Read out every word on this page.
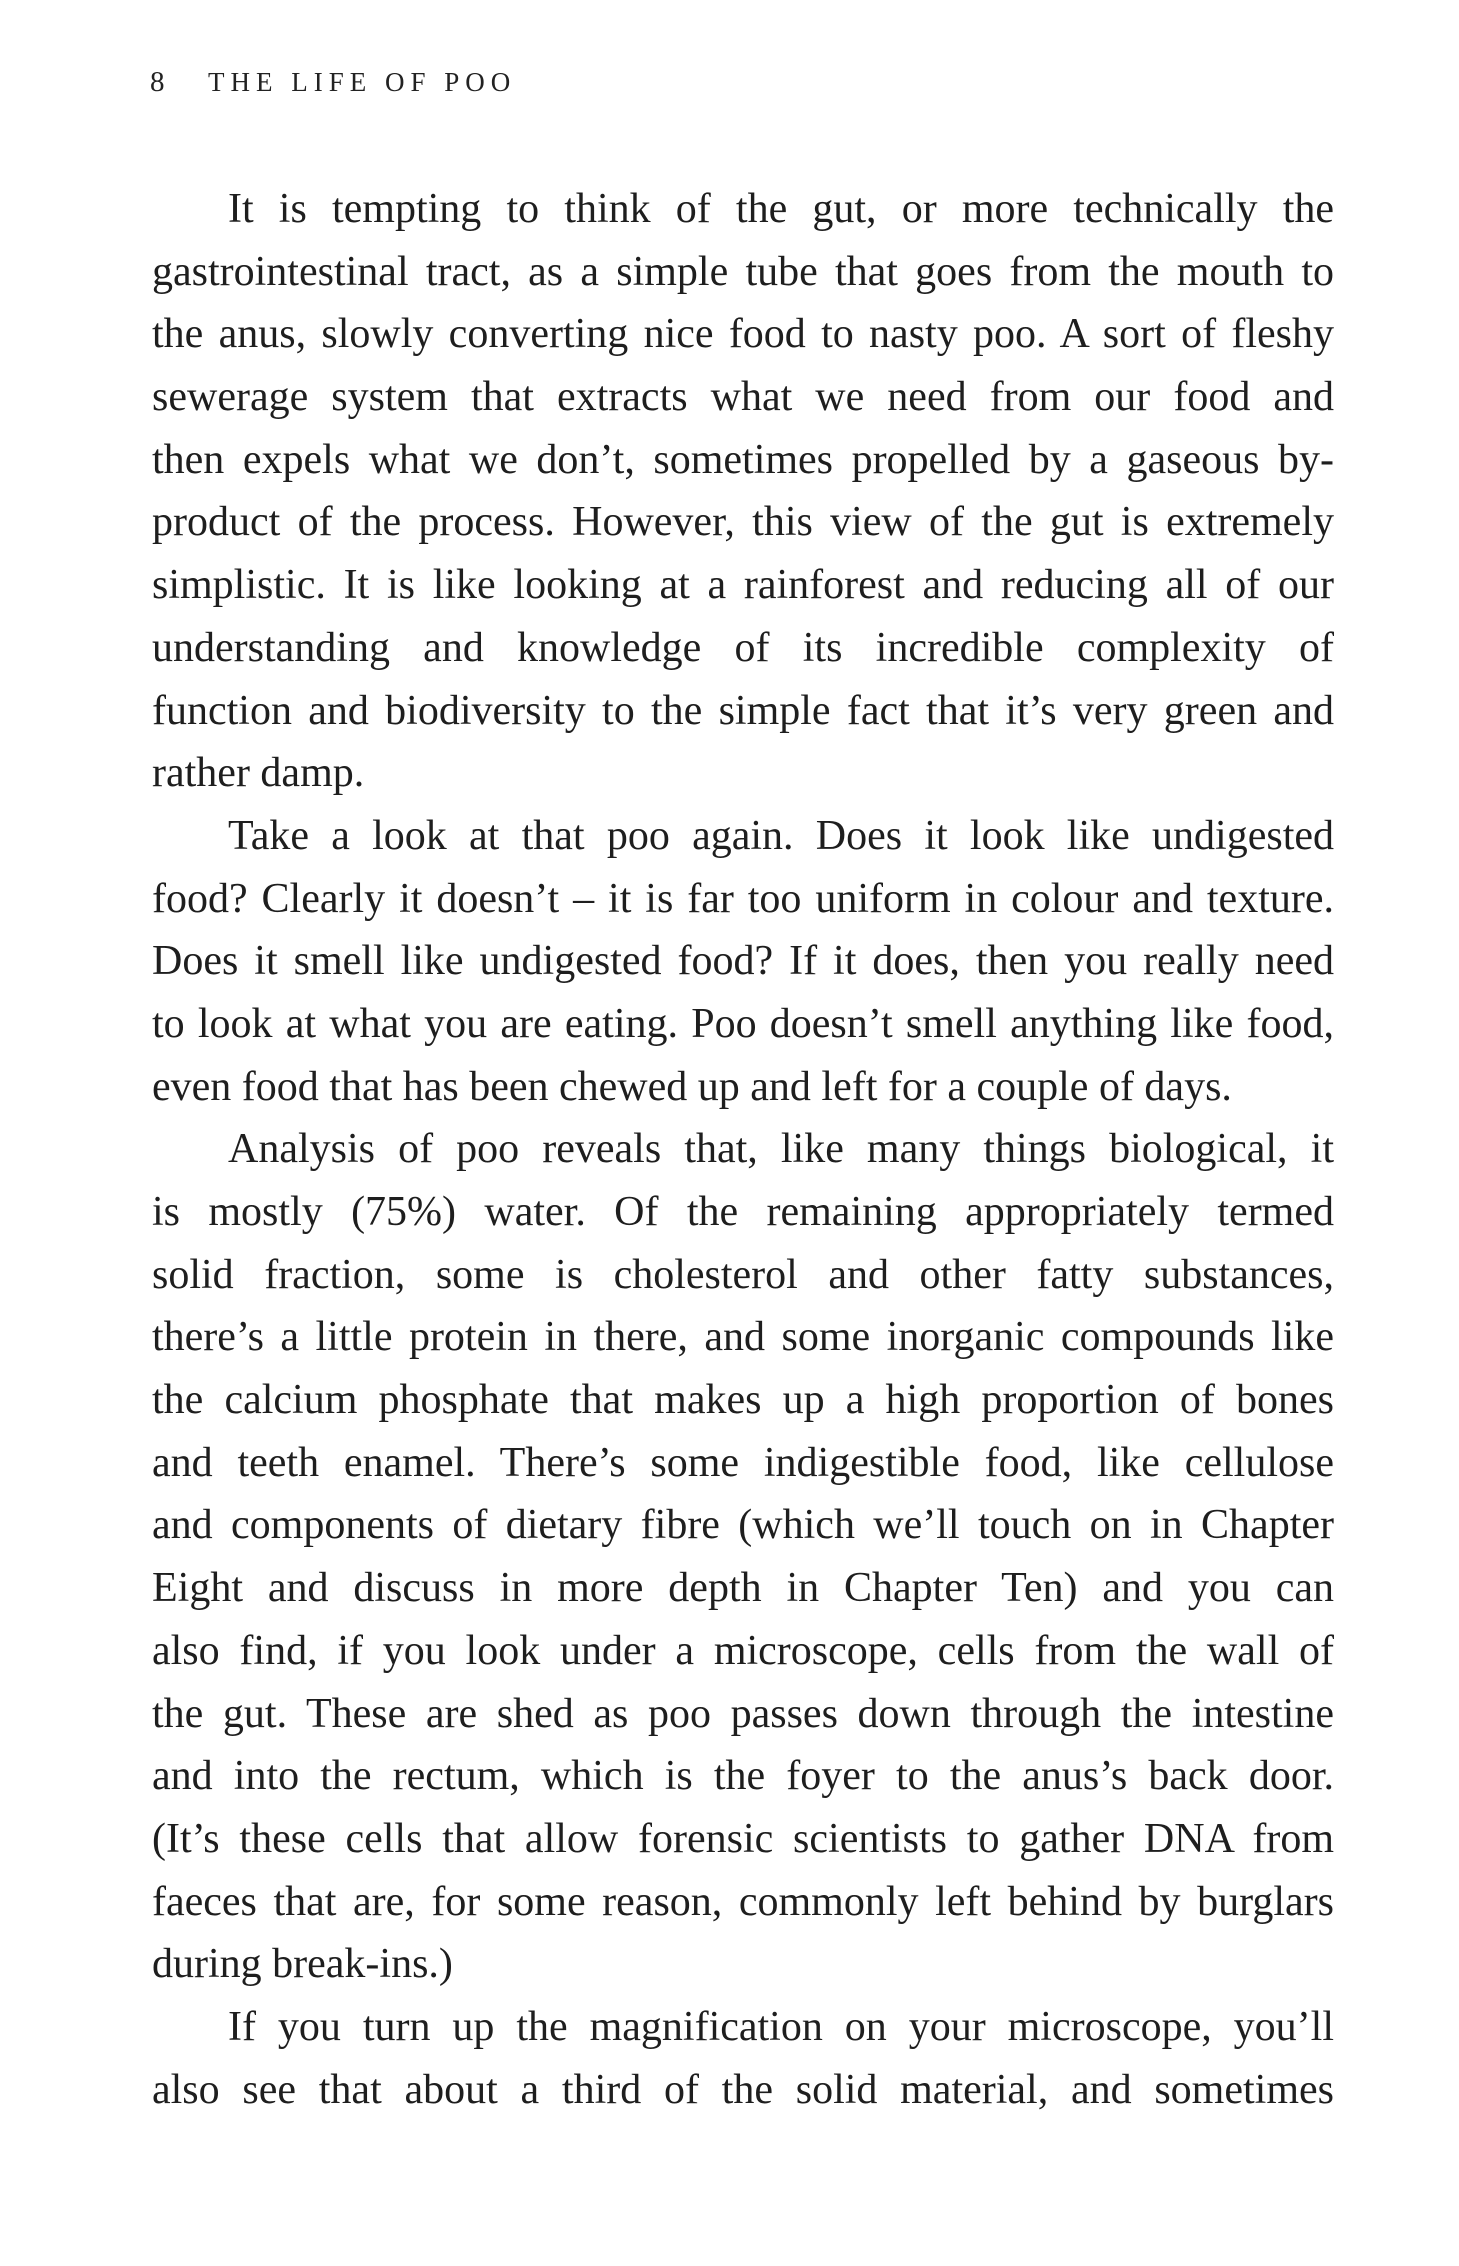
8 THE LIFE OF POO
It is tempting to think of the gut, or more technically the
gastrointestinal tract, as a simple tube that goes from the mouth to
the anus, slowly converting nice food to nasty poo. A sort of fleshy
sewerage system that extracts what we need from our food and
then expels what we don’t, sometimes propelled by a gaseous by-
product of the process. However, this view of the gut is extremely
simplistic. It is like looking at a rainforest and reducing all of our
understanding and knowledge of its incredible complexity of
function and biodiversity to the simple fact that it’s very green and
rather damp.
Take a look at that poo again. Does it look like undigested
food? Clearly it doesn’t – it is far too uniform in colour and texture.
Does it smell like undigested food? If it does, then you really need
to look at what you are eating. Poo doesn’t smell anything like food,
even food that has been chewed up and left for a couple of days.
Analysis of poo reveals that, like many things biological, it
is mostly (75%) water. Of the remaining appropriately termed
solid fraction, some is cholesterol and other fatty substances,
there’s a little protein in there, and some inorganic compounds like
the calcium phosphate that makes up a high proportion of bones
and teeth enamel. There’s some indigestible food, like cellulose
and components of dietary fibre (which we’ll touch on in Chapter
Eight and discuss in more depth in Chapter Ten) and you can
also find, if you look under a microscope, cells from the wall of
the gut. These are shed as poo passes down through the intestine
and into the rectum, which is the foyer to the anus’s back door.
(It’s these cells that allow forensic scientists to gather DNA from
faeces that are, for some reason, commonly left behind by burglars
during break-ins.)
If you turn up the magnification on your microscope, you’ll
also see that about a third of the solid material, and sometimes
